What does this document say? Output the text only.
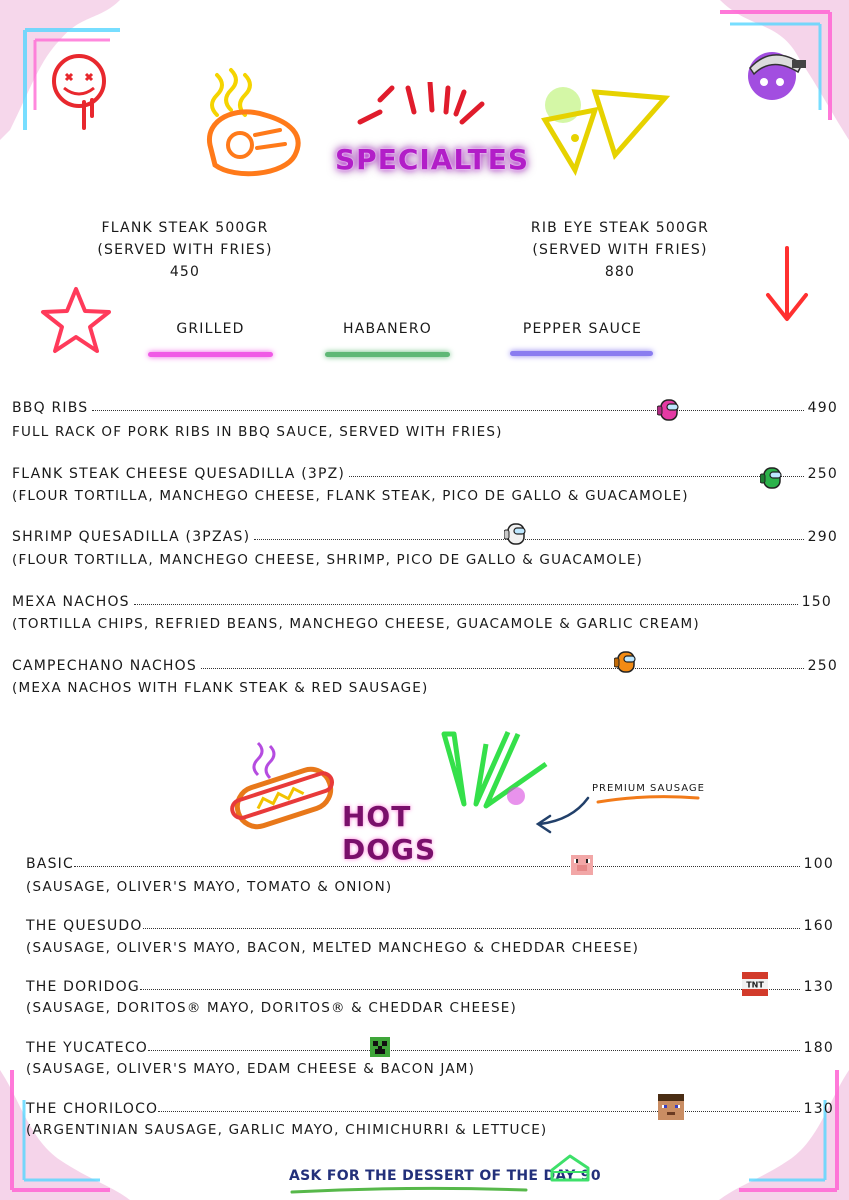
SPECIALTES
FLANK STEAK 500GR
(SERVED WITH FRIES)
450
RIB EYE STEAK 500GR
(SERVED WITH FRIES)
880
GRILLED	HABANERO	PEPPER SAUCE
BBQ RIBS	490
FULL RACK OF PORK RIBS IN BBQ SAUCE, SERVED WITH FRIES)
FLANK STEAK CHEESE QUESADILLA (3PZ)	250
(FLOUR TORTILLA, MANCHEGO CHEESE, FLANK STEAK, PICO DE GALLO & GUACAMOLE)
SHRIMP QUESADILLA (3PZAS)	290
(FLOUR TORTILLA, MANCHEGO CHEESE, SHRIMP, PICO DE GALLO & GUACAMOLE)
MEXA NACHOS	150
(TORTILLA CHIPS, REFRIED BEANS, MANCHEGO CHEESE, GUACAMOLE & GARLIC CREAM)
CAMPECHANO NACHOS	250
(MEXA NACHOS WITH FLANK STEAK & RED SAUSAGE)
HOT DOGS
PREMIUM SAUSAGE
BASIC	100
(SAUSAGE, OLIVER'S MAYO, TOMATO & ONION)
THE QUESUDO	160
(SAUSAGE, OLIVER'S MAYO, BACON, MELTED MANCHEGO & CHEDDAR CHEESE)
THE DORIDOG	130
(SAUSAGE, DORITOS® MAYO, DORITOS® & CHEDDAR CHEESE)
THE YUCATECO	180
(SAUSAGE, OLIVER'S MAYO, EDAM CHEESE & BACON JAM)
THE CHORILOCO	130
(ARGENTINIAN SAUSAGE, GARLIC MAYO, CHIMICHURRI & LETTUCE)
TNT
ASK FOR THE DESSERT OF THE DAY 90
